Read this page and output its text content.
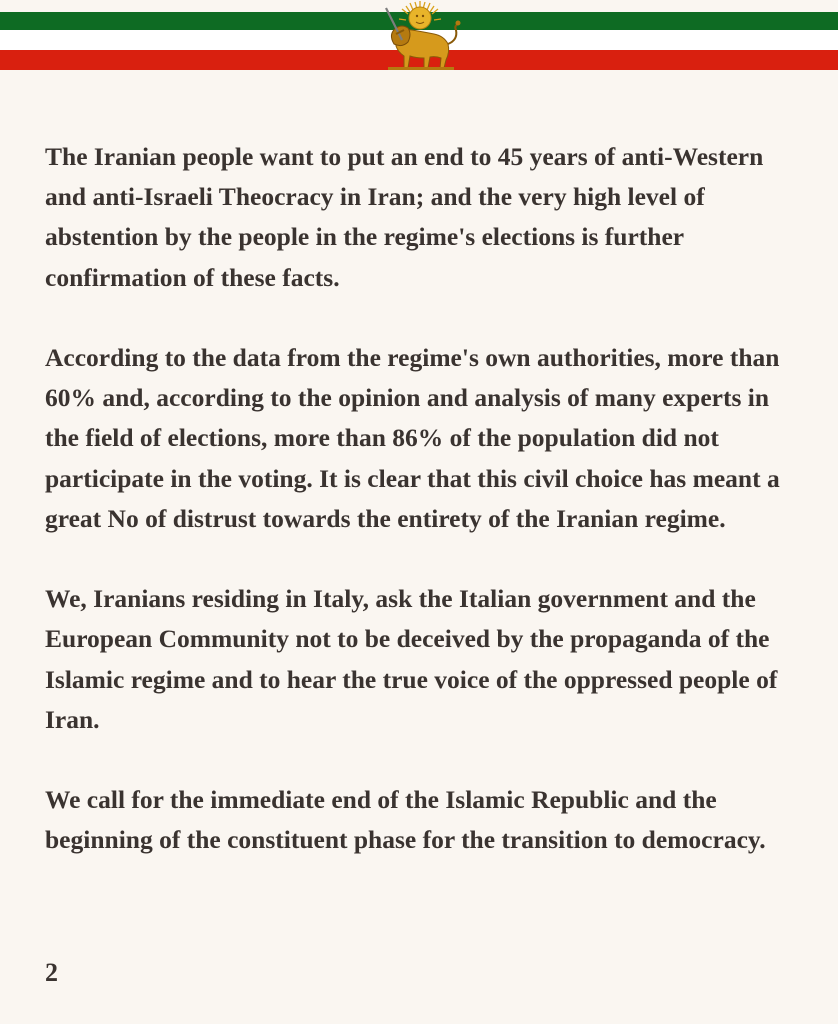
The Iranian people want to put an end to 45 years of anti-Western and anti-Israeli Theocracy in Iran; and the very high level of abstention by the people in the regime's elections is further confirmation of these facts.

According to the data from the regime's own authorities, more than 60% and, according to the opinion and analysis of many experts in the field of elections, more than 86% of the population did not participate in the voting. It is clear that this civil choice has meant a great No of distrust towards the entirety of the Iranian regime.

We, Iranians residing in Italy, ask the Italian government and the European Community not to be deceived by the propaganda of the Islamic regime and to hear the true voice of the oppressed people of Iran.

We call for the immediate end of the Islamic Republic and the beginning of the constituent phase for the transition to democracy.

2
